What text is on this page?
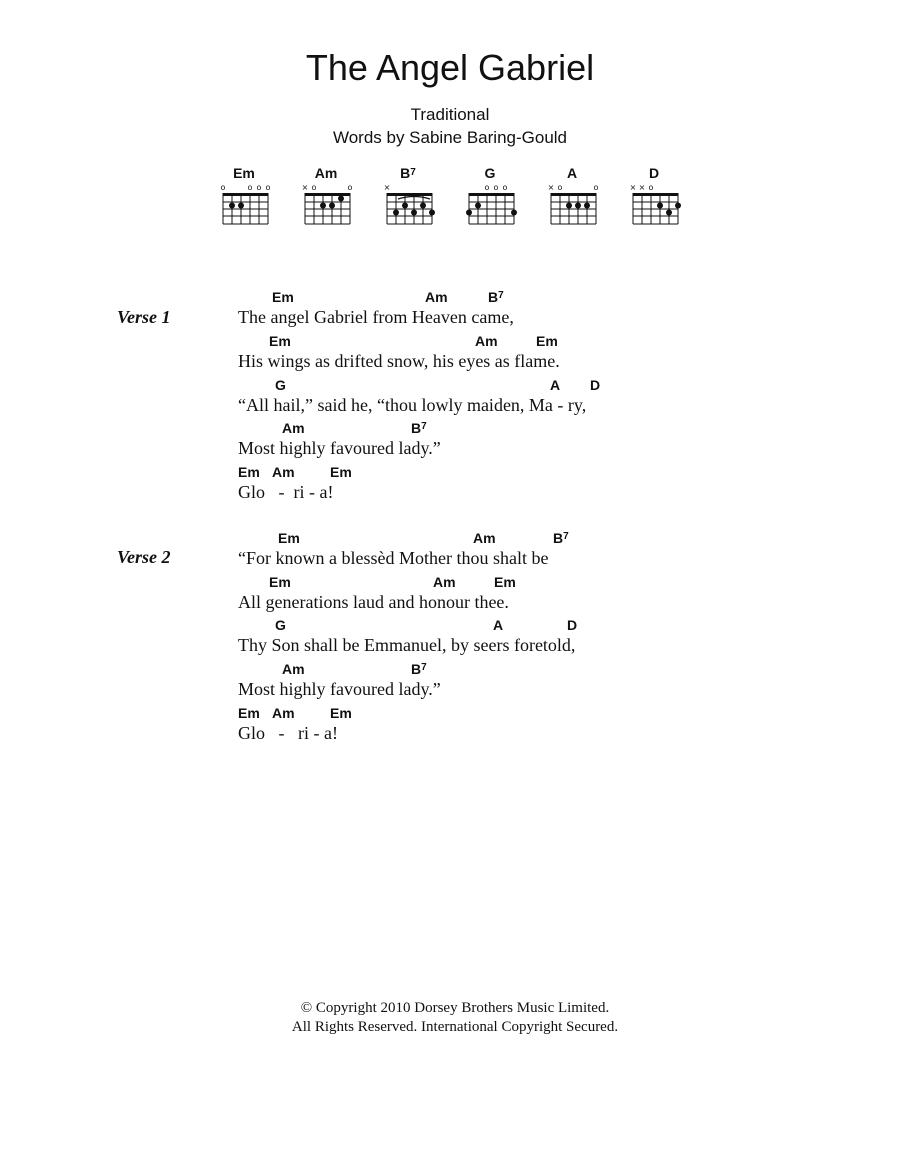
The Angel Gabriel
Traditional
Words by Sabine Baring-Gould
Em
o	o o o
Am
× o	o
$B^7$
×
G
o o o
A
× o	o
D
× × o
Verse 1
Em	Am	$B^7$
The angel Gabriel from Heaven came,
Em	Am	Em
His wings as drifted snow, his eyes as flame.
G	A D
“All hail,” said he, “thou lowly maiden, Ma - ry,
Am	$B^7$
Most highly favoured lady.”
Em Am	Em
Glo   -  ri - a!
Verse 2
Em	Am	$B^7$
“For known a blessèd Mother thou shalt be
Em	Am	Em
All generations laud and honour thee.
G	A	D
Thy Son shall be Emmanuel, by seers foretold,
Am	$B^7$
Most highly favoured lady.”
Em Am	Em
Glo   -   ri - a!
© Copyright 2010 Dorsey Brothers Music Limited.
All Rights Reserved. International Copyright Secured.
